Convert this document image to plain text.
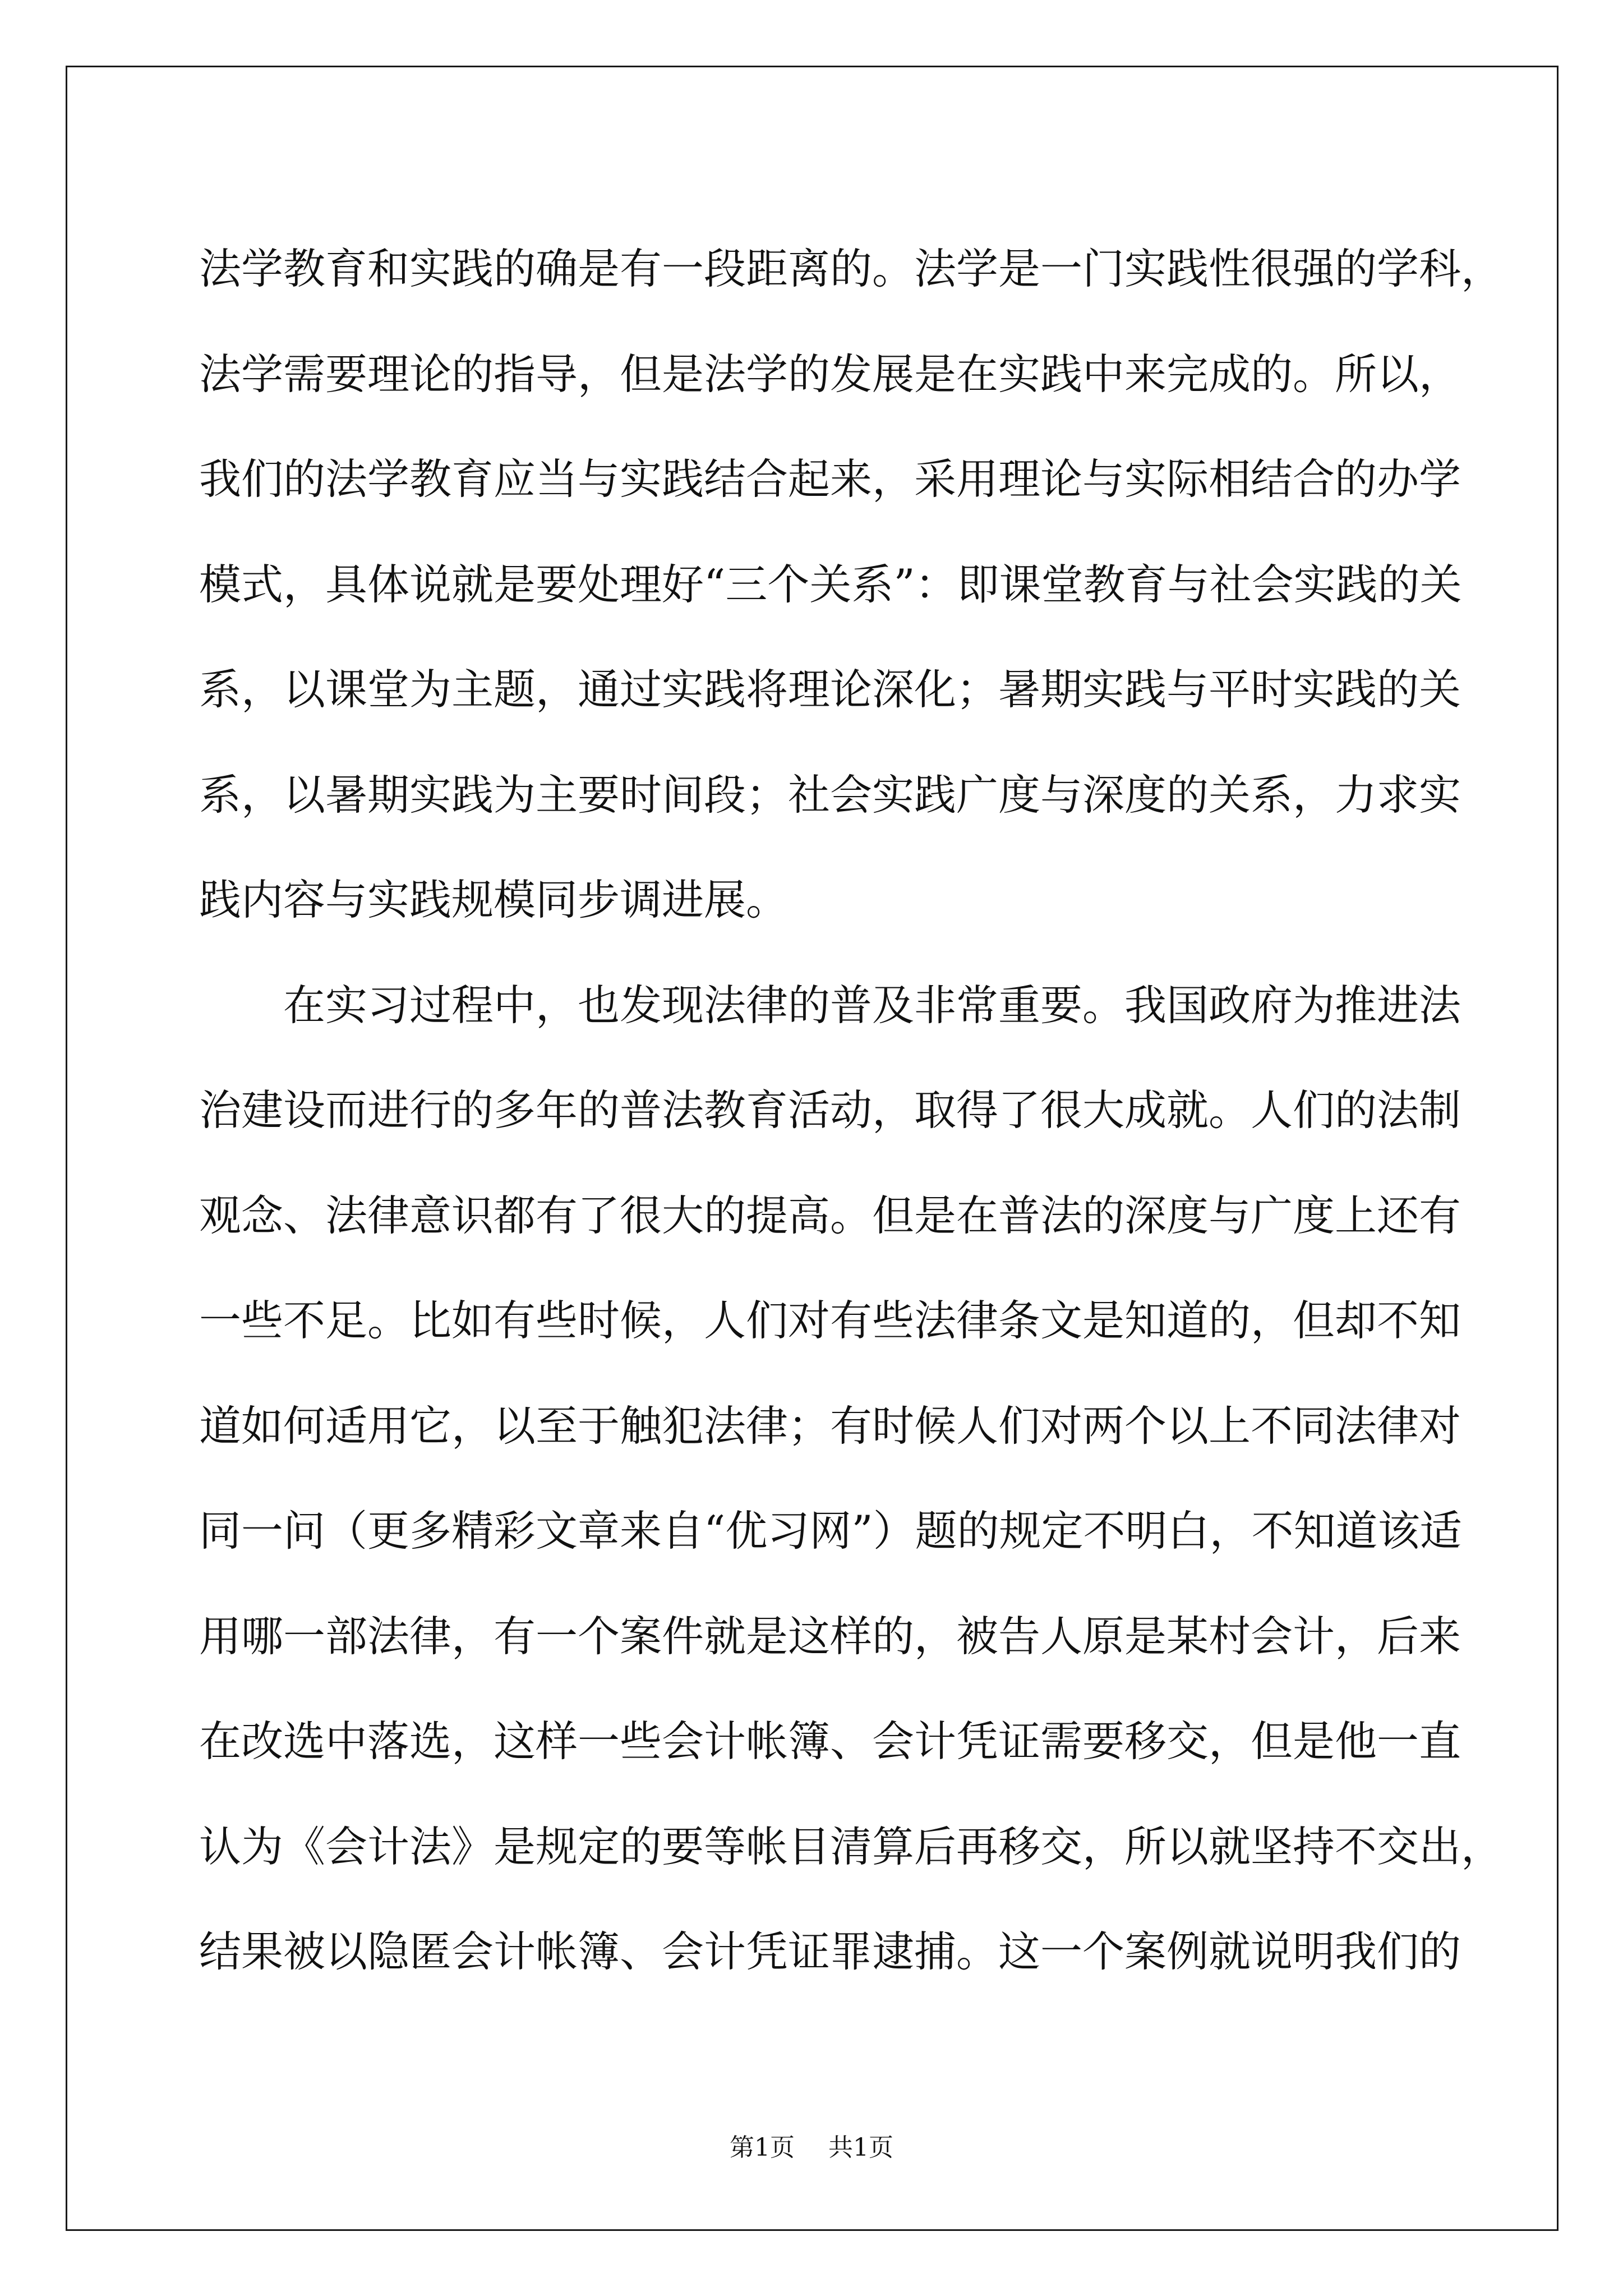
法学教育和实践的确是有一段距离的。法学是一门实践性很强的学科，
法学需要理论的指导，但是法学的发展是在实践中来完成的。所以，
我们的法学教育应当与实践结合起来，采用理论与实际相结合的办学
模式，具体说就是要处理好“三个关系”：即课堂教育与社会实践的关
系，以课堂为主题，通过实践将理论深化；暑期实践与平时实践的关
系，以暑期实践为主要时间段；社会实践广度与深度的关系，力求实
践内容与实践规模同步调进展。
在实习过程中，也发现法律的普及非常重要。我国政府为推进法
治建设而进行的多年的普法教育活动，取得了很大成就。人们的法制
观念、法律意识都有了很大的提高。但是在普法的深度与广度上还有
一些不足。比如有些时候，人们对有些法律条文是知道的，但却不知
道如何适用它，以至于触犯法律；有时候人们对两个以上不同法律对
同一问（更多精彩文章来自“优习网”）题的规定不明白，不知道该适
用哪一部法律，有一个案件就是这样的，被告人原是某村会计，后来
在改选中落选，这样一些会计帐簿、会计凭证需要移交，但是他一直
认为《会计法》是规定的要等帐目清算后再移交，所以就坚持不交出，
结果被以隐匿会计帐簿、会计凭证罪逮捕。这一个案例就说明我们的
第1页 共1页
